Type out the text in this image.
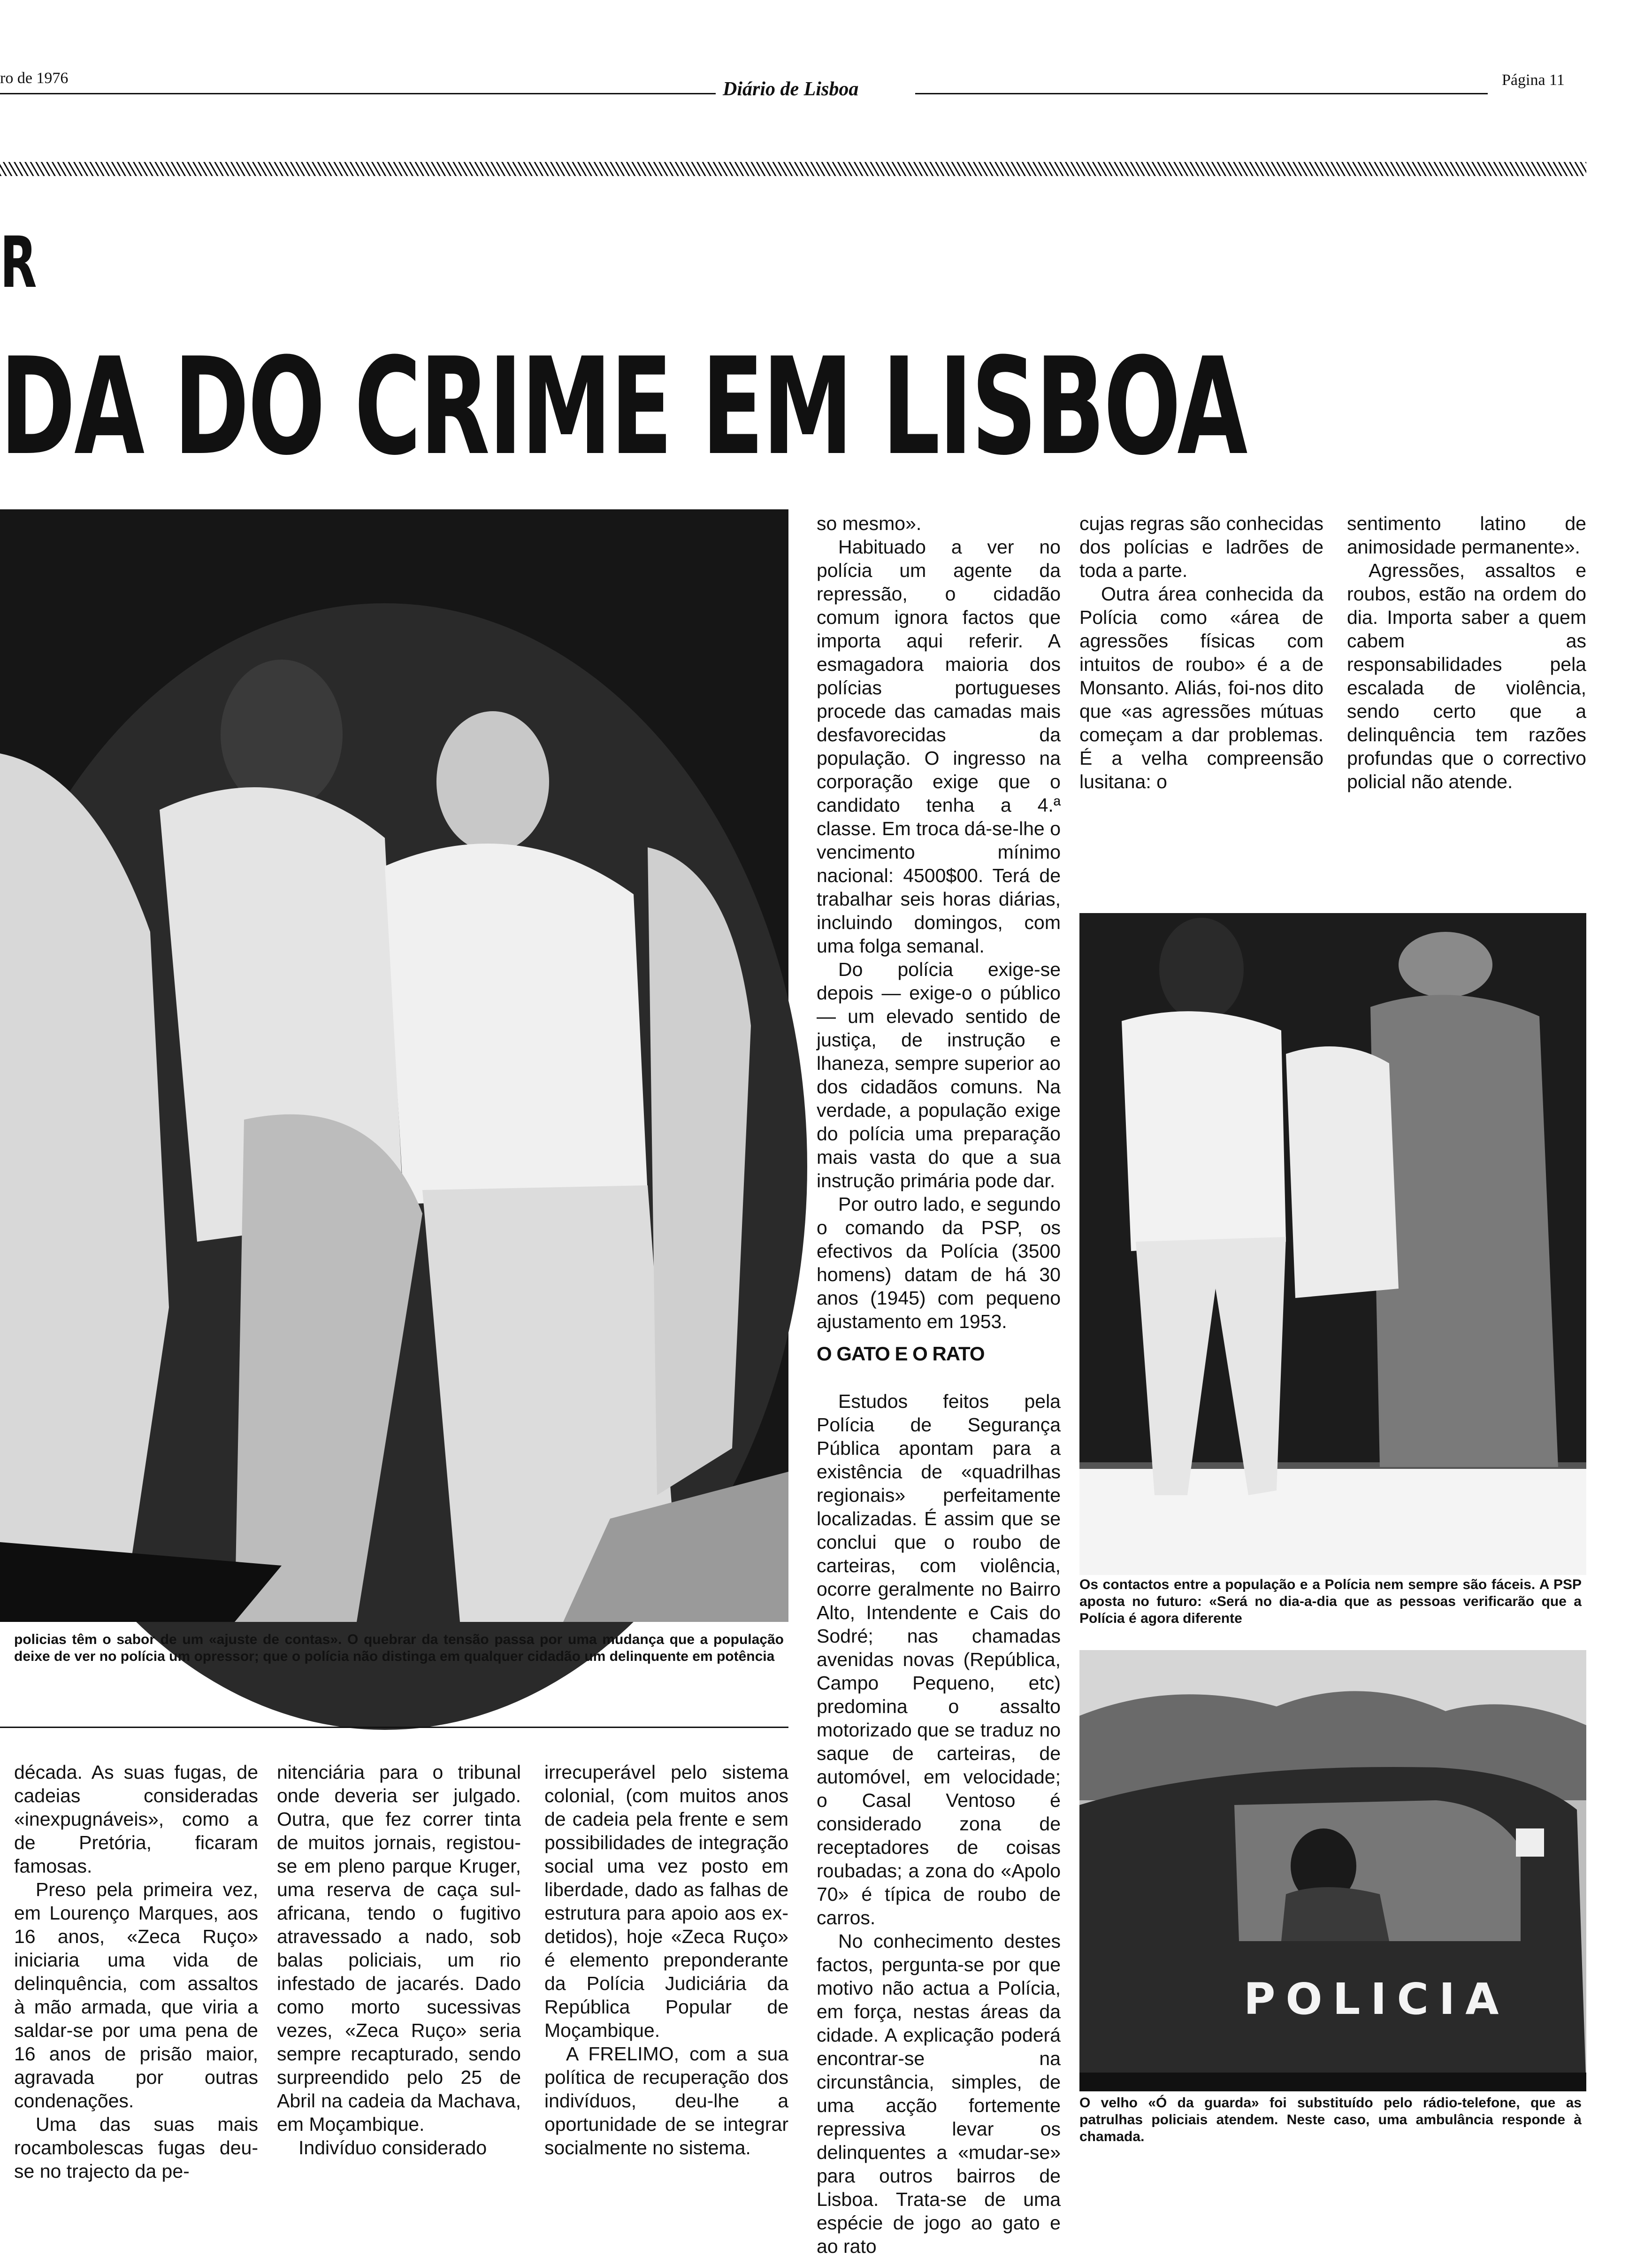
ro de 1976
Diário de Lisboa	Página 11
R
DA DO CRIME EM LISBOA
policias têm o sabor de um «ajuste de contas». O quebrar da tensão passa por uma mudança que a população deixe de ver no polícia um opressor; que o polícia não distinga em qualquer cidadão um delinquente em potência

so mesmo».

Habituado a ver no polícia um agente da repressão, o cidadão comum ignora factos que importa aqui referir. A esmagadora maioria dos polícias portugueses procede das camadas mais desfavorecidas da população. O ingresso na corporação exige que o candidato tenha a 4.ª classe. Em troca dá-se-lhe o vencimento mínimo nacional: 4500$00. Terá de trabalhar seis horas diárias, incluindo domingos, com uma folga semanal.

Do polícia exige-se depois — exige-o o público — um elevado sentido de justiça, de instrução e lhaneza, sempre superior ao dos cidadãos comuns. Na verdade, a população exige do polícia uma preparação mais vasta do que a sua instrução primária pode dar.

Por outro lado, e segundo o comando da PSP, os efectivos da Polícia (3500 homens) datam de há 30 anos (1945) com pequeno ajustamento em 1953.

O GATO E O RATO

Estudos feitos pela Polícia de Segurança Pública apontam para a existência de «quadrilhas regionais» perfeitamente localizadas. É assim que se conclui que o roubo de carteiras, com violência, ocorre geralmente no Bairro Alto, Intendente e Cais do Sodré; nas chamadas avenidas novas (República, Campo Pequeno, etc) predomina o assalto motorizado que se traduz no saque de carteiras, de automóvel, em velocidade; o Casal Ventoso é considerado zona de receptadores de coisas roubadas; a zona do «Apolo 70» é típica de roubo de carros.

No conhecimento destes factos, pergunta-se por que motivo não actua a Polícia, em força, nestas áreas da cidade. A explicação poderá encontrar-se na circunstância, simples, de uma acção fortemente repressiva levar os delinquentes a «mudar-se» para outros bairros de Lisboa. Trata-se de uma espécie de jogo ao gato e ao rato

cujas regras são conhecidas dos polícias e ladrões de toda a parte.

Outra área conhecida da Polícia como «área de agressões físicas com intuitos de roubo» é a de Monsanto. Aliás, foi-nos dito que «as agressões mútuas começam a dar problemas. É a velha compreensão lusitana: o

sentimento latino de animosidade permanente».

Agressões, assaltos e roubos, estão na ordem do dia. Importa saber a quem cabem as responsabilidades pela escalada de violência, sendo certo que a delinquência tem razões profundas que o correctivo policial não atende.

Os contactos entre a população e a Polícia nem sempre são fáceis. A PSP aposta no futuro: «Será no dia-a-dia que as pessoas verificarão que a Polícia é agora diferente
POLICIA
O velho «Ó da guarda» foi substituído pelo rádio-telefone, que as patrulhas policiais atendem. Neste caso, uma ambulância responde à chamada.

década. As suas fugas, de cadeias consideradas «inexpugnáveis», como a de Pretória, ficaram famosas.

Preso pela primeira vez, em Lourenço Marques, aos 16 anos, «Zeca Ruço» iniciaria uma vida de delinquência, com assaltos à mão armada, que viria a saldar-se por uma pena de 16 anos de prisão maior, agravada por outras condenações.

Uma das suas mais rocambolescas fugas deu-se no trajecto da pe-

nitenciária para o tribunal onde deveria ser julgado. Outra, que fez correr tinta de muitos jornais, registou-se em pleno parque Kruger, uma reserva de caça sul-africana, tendo o fugitivo atravessado a nado, sob balas policiais, um rio infestado de jacarés. Dado como morto sucessivas vezes, «Zeca Ruço» seria sempre recapturado, sendo surpreendido pelo 25 de Abril na cadeia da Machava, em Moçambique.

Indivíduo considerado

irrecuperável pelo sistema colonial, (com muitos anos de cadeia pela frente e sem possibilidades de integração social uma vez posto em liberdade, dado as falhas de estrutura para apoio aos ex-detidos), hoje «Zeca Ruço» é elemento preponderante da Polícia Judiciária da República Popular de Moçambique.

A FRELIMO, com a sua política de recuperação dos indivíduos, deu-lhe a oportunidade de se integrar socialmente no sistema.
